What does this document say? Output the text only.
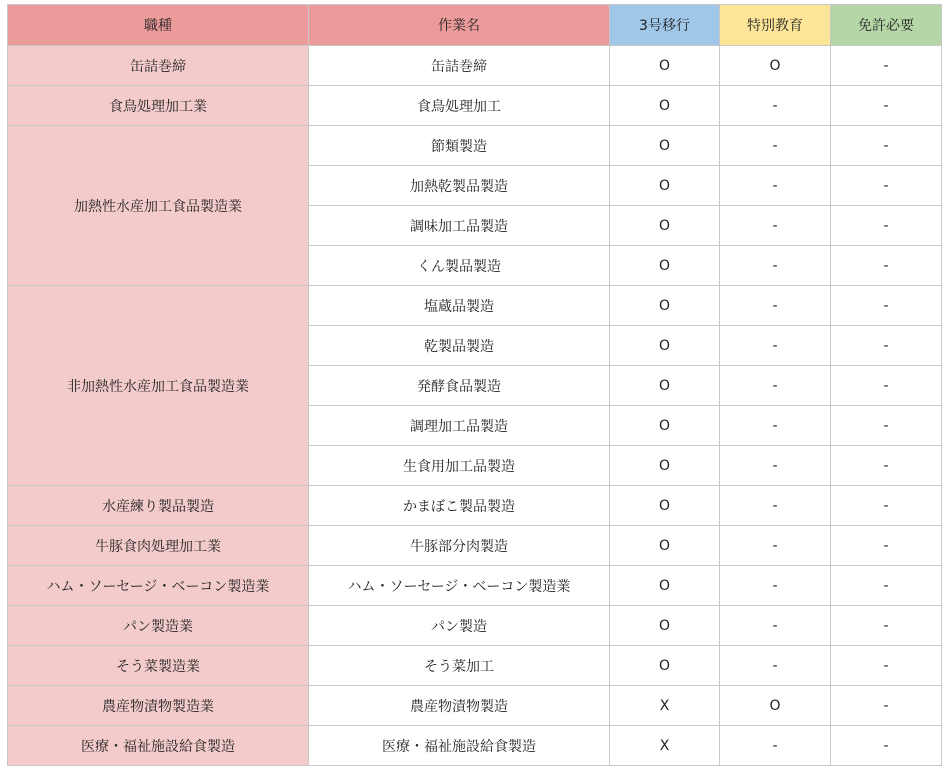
職種	作業名	3号移行	特別教育	免許必要
缶詰巻締	缶詰巻締	O	O	-
食鳥処理加工業	食鳥処理加工	O	-	-
加熱性水産加工食品製造業	節類製造	O	-	-
	加熱乾製品製造	O	-	-
	調味加工品製造	O	-	-
	くん製品製造	O	-	-
非加熱性水産加工食品製造業	塩蔵品製造	O	-	-
	乾製品製造	O	-	-
	発酵食品製造	O	-	-
	調理加工品製造	O	-	-
	生食用加工品製造	O	-	-
水産練り製品製造	かまぼこ製品製造	O	-	-
牛豚食肉処理加工業	牛豚部分肉製造	O	-	-
ハム・ソーセージ・ベーコン製造業	ハム・ソーセージ・ベーコン製造業	O	-	-
パン製造業	パン製造	O	-	-
そう菜製造業	そう菜加工	O	-	-
農産物漬物製造業	農産物漬物製造	X	O	-
医療・福祉施設給食製造	医療・福祉施設給食製造	X	-	-
